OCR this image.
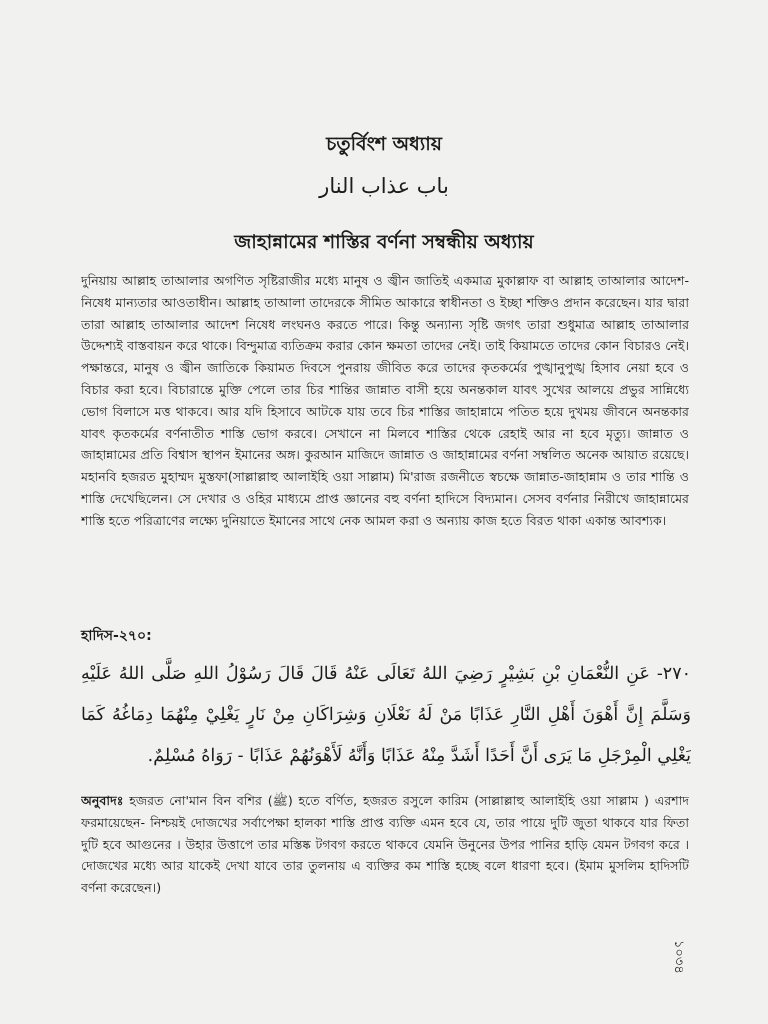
চতুর্বিংশ অধ্যায়
باب عذاب النار
জাহান্নামের শাস্তির বর্ণনা সম্বন্ধীয় অধ্যায়
দুনিয়ায় আল্লাহ তাআলার অগণিত সৃষ্টিরাজীর মধ্যে মানুষ ও জ্বীন জাতিই একমাত্র মুকাল্লাফ বা আল্লাহ তাআলার আদেশ-নিষেধ মান্যতার আওতাধীন। আল্লাহ তাআলা তাদেরকে সীমিত আকারে স্বাধীনতা ও ইচ্ছা শক্তিও প্রদান করেছেন। যার দ্বারা তারা আল্লাহ তাআলার আদেশ নিষেধ লংঘনও করতে পারে। কিন্তু অন্যান্য সৃষ্টি জগৎ তারা শুধুমাত্র আল্লাহ তাআলার উদ্দেশ্যই বাস্তবায়ন করে থাকে। বিন্দুমাত্র ব্যতিক্রম করার কোন ক্ষমতা তাদের নেই। তাই কিয়ামতে তাদের কোন বিচারও নেই। পক্ষান্তরে, মানুষ ও জ্বীন জাতিকে কিয়ামত দিবসে পুনরায় জীবিত করে তাদের কৃতকর্মের পুঙ্খানুপুঙ্খ হিসাব নেয়া হবে ও বিচার করা হবে। বিচারান্তে মুক্তি পেলে তার চির শান্তির জান্নাত বাসী হয়ে অনন্তকাল যাবৎ সুখের আলয়ে প্রভুর সান্নিধ্যে ভোগ বিলাসে মত্ত থাকবে। আর যদি হিসাবে আটকে যায় তবে চির শাস্তির জাহান্নামে পতিত হয়ে দুখময় জীবনে অনন্তকার যাবৎ কৃতকর্মের বর্ণনাতীত শাস্তি ভোগ করবে। সেখানে না মিলবে শাস্তির থেকে রেহাই আর না হবে মৃত্যু। জান্নাত ও জাহান্নামের প্রতি বিশ্বাস স্থাপন ইমানের অঙ্গ। কুরআন মাজিদে জান্নাত ও জাহান্নামের বর্ণনা সম্বলিত অনেক আয়াত রয়েছে। মহানবি হজরত মুহাম্মদ মুস্তফা(সাল্লাল্লাহু আলাইহি ওয়া সাল্লাম) মি'রাজ রজনীতে স্বচক্ষে জান্নাত-জাহান্নাম ও তার শান্তি ও শাস্তি দেখেছিলেন। সে দেখার ও ওহির মাধ্যমে প্রাপ্ত জ্ঞানের বহু বর্ণনা হাদিসে বিদ্যমান। সেসব বর্ণনার নিরীখে জাহান্নামের শাস্তি হতে পরিত্রাণের লক্ষ্যে দুনিয়াতে ইমানের সাথে নেক আমল করা ও অন্যায় কাজ হতে বিরত থাকা একান্ত আবশ্যক।
হাদিস-২৭০:
٢٧٠- عَنِ النُّعْمَانِ بْنِ بَشِيْرٍ رَضِيَ اللهُ تَعَالَى عَنْهُ قَالَ قَالَ رَسُوْلُ اللهِ صَلَّى اللهُ عَلَيْهِ وَسَلَّمَ إِنَّ أَهْوَنَ أَهْلِ النَّارِ عَذَابًا مَنْ لَهُ نَعْلَانِ وَشِرَاكَانِ مِنْ نَارٍ يَغْلِيْ مِنْهُمَا دِمَاغُهُ كَمَا يَغْلِي الْمِرْجَلِ مَا يَرَى أَنَّ أَحَدًا أَشَدَّ مِنْهُ عَذَابًا وَأَنَّهُ لَأَهْوَنُهُمْ عَذَابًا - رَوَاهُ مُسْلِمٌ.
অনুবাদঃ হজরত নো'মান বিন বশির (ﷺ) হতে বর্ণিত, হজরত রসুলে কারিম (সাল্লাল্লাহু আলাইহি ওয়া সাল্লাম ) এরশাদ ফরমায়েছেন- নিশ্চয়ই দোজখের সর্বাপেক্ষা হালকা শাস্তি প্রাপ্ত ব্যক্তি এমন হবে যে, তার পায়ে দুটি জুতা থাকবে যার ফিতা দুটি হবে আগুনের । উহার উত্তাপে তার মস্তিষ্ক টগবগ করতে থাকবে যেমনি উনুনের উপর পানির হাড়ি যেমন টগবগ করে । দোজখের মধ্যে আর যাকেই দেখা যাবে তার তুলনায় এ ব্যক্তির কম শাস্তি হচ্ছে বলে ধারণা হবে। (ইমাম মুসলিম হাদিসটি বর্ণনা করেছেন।)
১০৩৪
